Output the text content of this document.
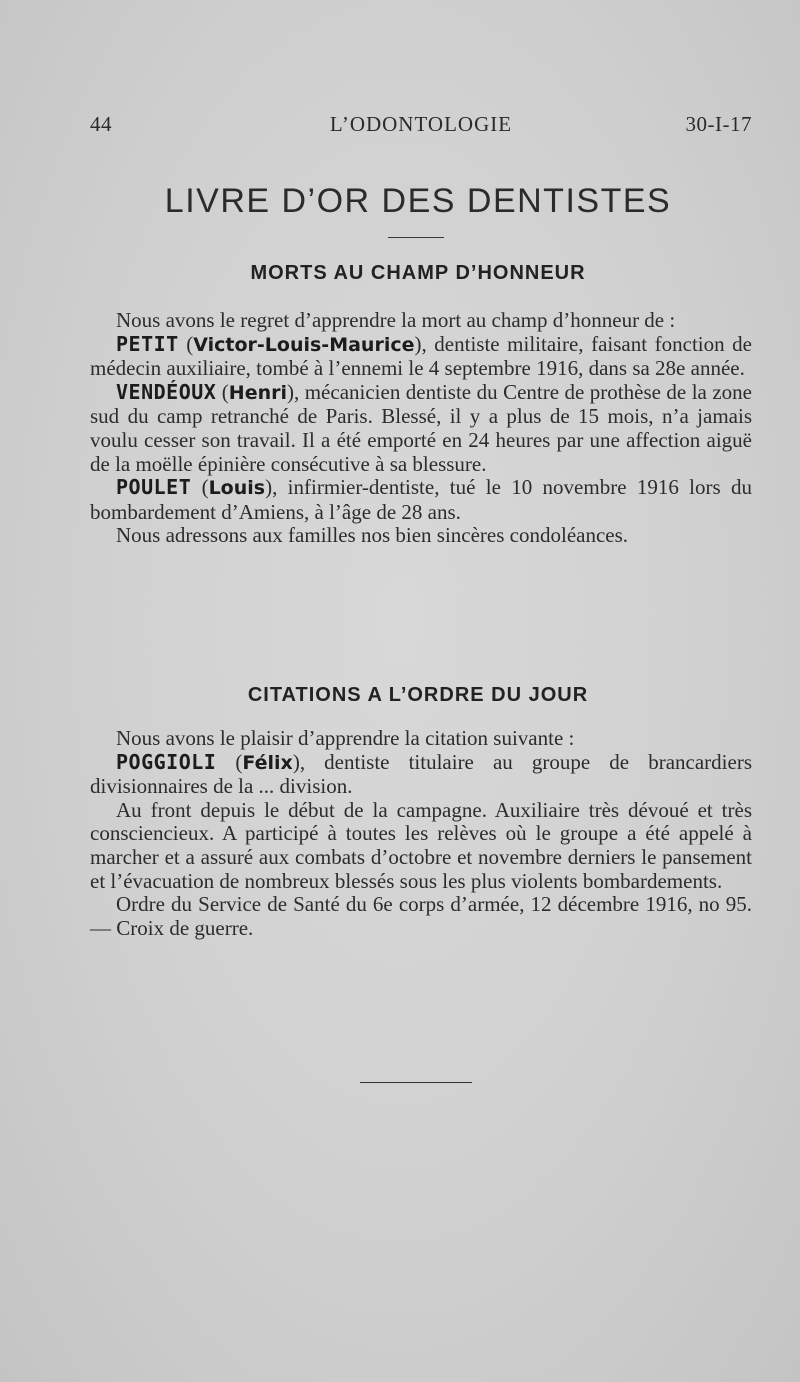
L’ODONTOLOGIE
44	30-I-17
LIVRE D’OR DES DENTISTES
MORTS AU CHAMP D’HONNEUR

Nous avons le regret d’apprendre la mort au champ d’honneur de :

PETIT (Victor-Louis-Maurice), dentiste militaire, faisant fonction de médecin auxiliaire, tombé à l’ennemi le 4 septembre 1916, dans sa 28e année.

VENDÉOUX (Henri), mécanicien dentiste du Centre de prothèse de la zone sud du camp retranché de Paris. Blessé, il y a plus de 15 mois, n’a jamais voulu cesser son travail. Il a été emporté en 24 heures par une affection aiguë de la moëlle épinière consécutive à sa blessure.

POULET (Louis), infirmier-dentiste, tué le 10 novembre 1916 lors du bombardement d’Amiens, à l’âge de 28 ans.

Nous adressons aux familles nos bien sincères condoléances.

CITATIONS A L’ORDRE DU JOUR

Nous avons le plaisir d’apprendre la citation suivante :

POGGIOLI (Félix), dentiste titulaire au groupe de brancardiers divisionnaires de la ... division.

Au front depuis le début de la campagne. Auxiliaire très dévoué et très consciencieux. A participé à toutes les relèves où le groupe a été appelé à marcher et a assuré aux combats d’octobre et novembre derniers le pansement et l’évacuation de nombreux blessés sous les plus violents bombardements.

Ordre du Service de Santé du 6e corps d’armée, 12 décembre 1916, no 95. — Croix de guerre.
